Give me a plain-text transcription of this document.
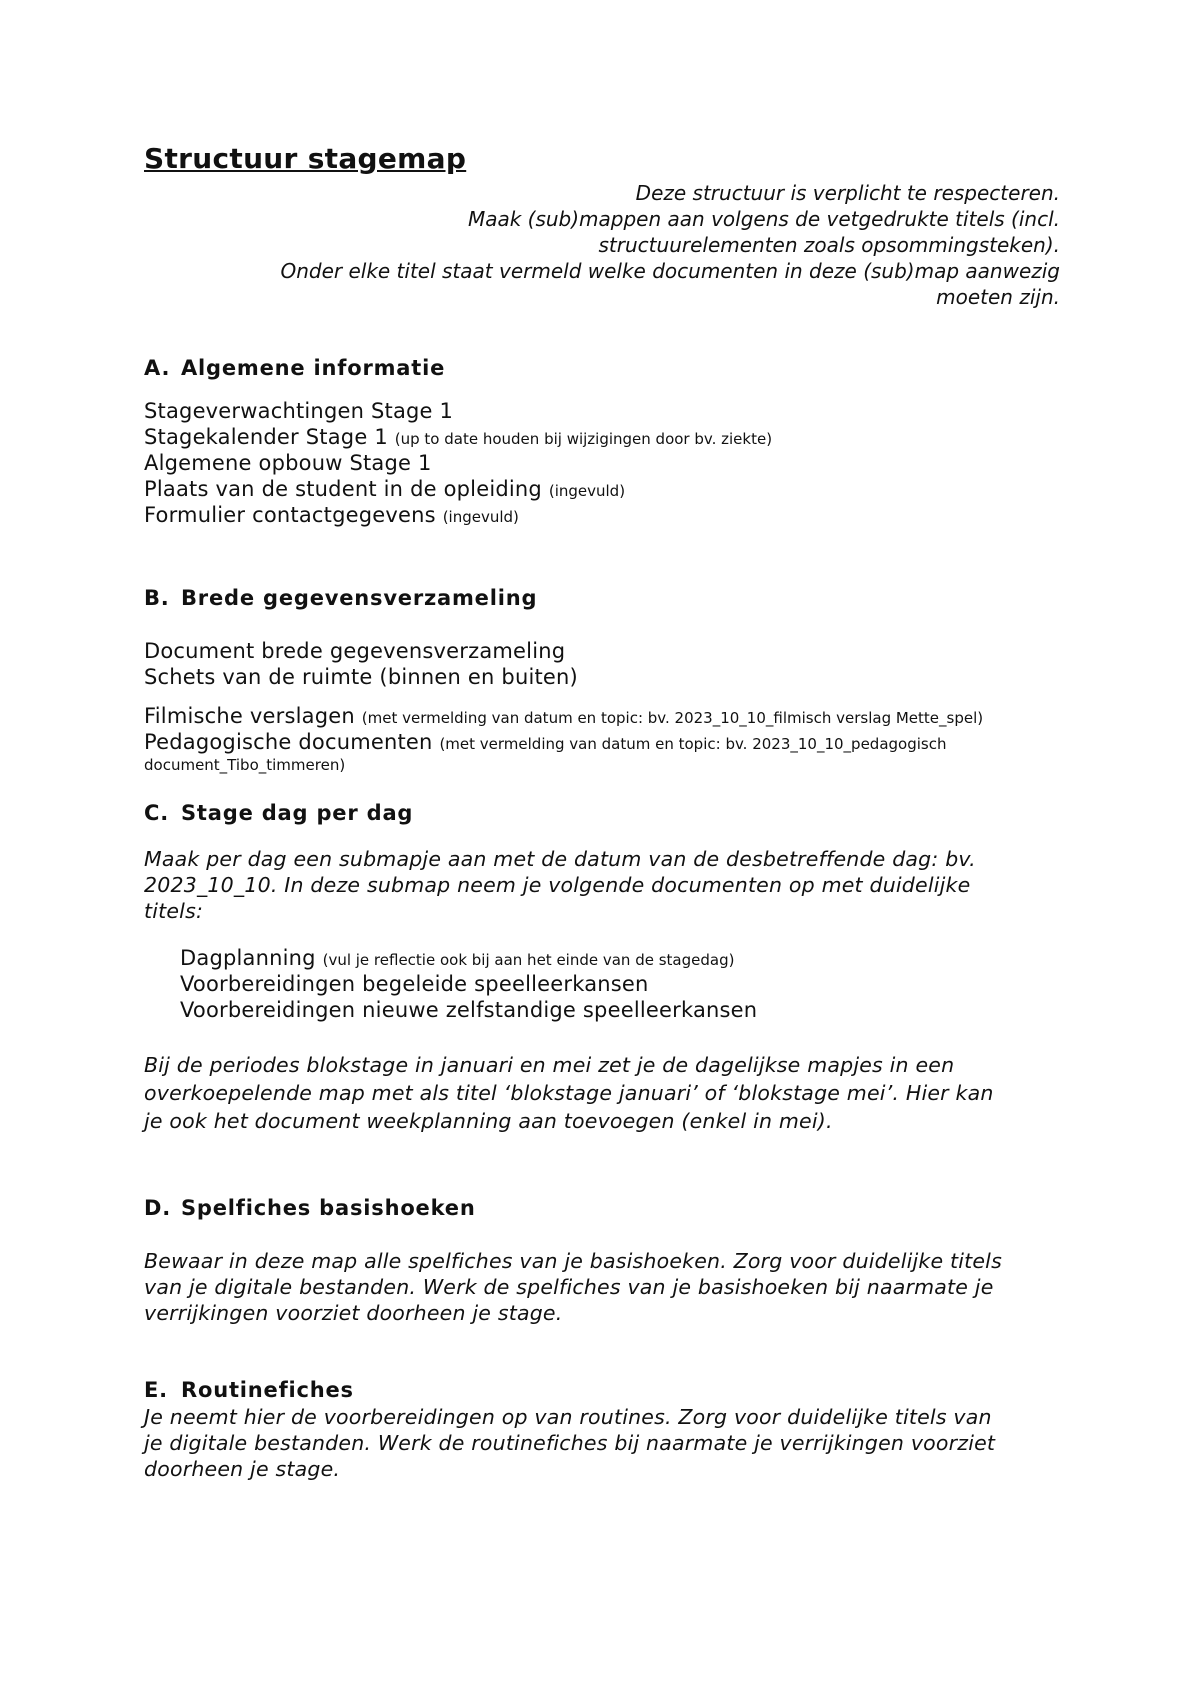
Structuur stagemap
Deze structuur is verplicht te respecteren.
Maak (sub)mappen aan volgens de vetgedrukte titels (incl.
structuurelementen zoals opsommingsteken).
Onder elke titel staat vermeld welke documenten in deze (sub)map aanwezig
moeten zijn.
A. Algemene informatie
Stageverwachtingen Stage 1
Stagekalender Stage 1 (up to date houden bij wijzigingen door bv. ziekte)
Algemene opbouw Stage 1
Plaats van de student in de opleiding (ingevuld)
Formulier contactgegevens (ingevuld)
B. Brede gegevensverzameling
Document brede gegevensverzameling
Schets van de ruimte (binnen en buiten)
Filmische verslagen (met vermelding van datum en topic: bv. 2023_10_10_filmisch verslag Mette_spel)
Pedagogische documenten (met vermelding van datum en topic: bv. 2023_10_10_pedagogisch
document_Tibo_timmeren)
C. Stage dag per dag
Maak per dag een submapje aan met de datum van de desbetreffende dag: bv.
2023_10_10. In deze submap neem je volgende documenten op met duidelijke
titels:
Dagplanning (vul je reflectie ook bij aan het einde van de stagedag)
Voorbereidingen begeleide speelleerkansen
Voorbereidingen nieuwe zelfstandige speelleerkansen
Bij de periodes blokstage in januari en mei zet je de dagelijkse mapjes in een
overkoepelende map met als titel ‘blokstage januari’ of ‘blokstage mei’. Hier kan
je ook het document weekplanning aan toevoegen (enkel in mei).
D. Spelfiches basishoeken
Bewaar in deze map alle spelfiches van je basishoeken. Zorg voor duidelijke titels
van je digitale bestanden. Werk de spelfiches van je basishoeken bij naarmate je
verrijkingen voorziet doorheen je stage.
E. Routinefiches
Je neemt hier de voorbereidingen op van routines. Zorg voor duidelijke titels van
je digitale bestanden. Werk de routinefiches bij naarmate je verrijkingen voorziet
doorheen je stage.
